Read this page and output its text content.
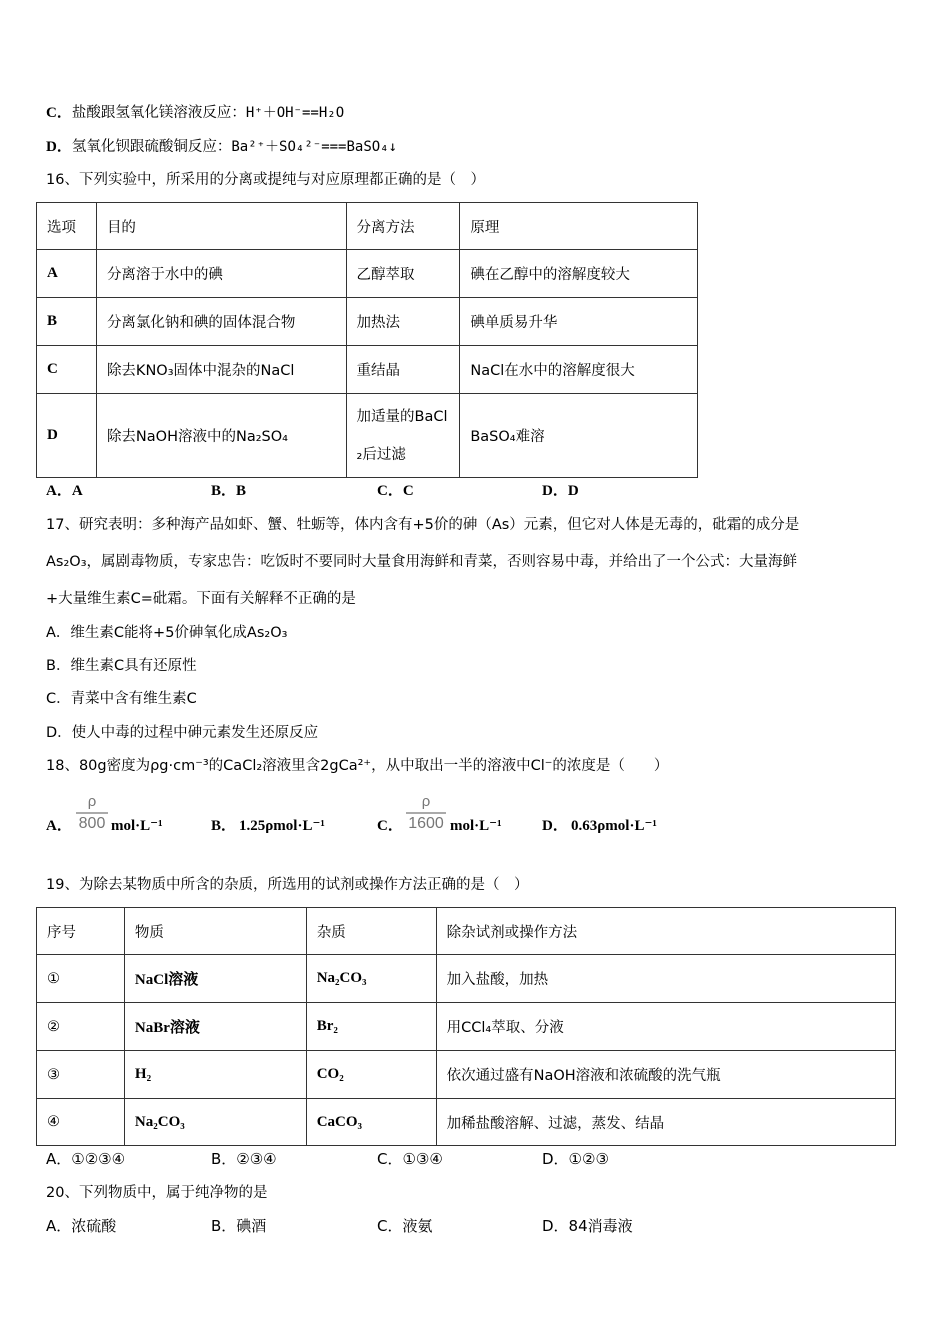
C．盐酸跟氢氧化镁溶液反应：H⁺＋OH⁻==H₂O
D．氢氧化钡跟硫酸铜反应：Ba²⁺＋SO₄²⁻===BaSO₄↓
16、下列实验中，所采用的分离或提纯与对应原理都正确的是（　）
选项	目的	分离方法	原理
A	分离溶于水中的碘	乙醇萃取	碘在乙醇中的溶解度较大
B	分离氯化钠和碘的固体混合物	加热法	碘单质易升华
C	除去KNO₃固体中混杂的NaCl	重结晶	NaCl在水中的溶解度很大
D	除去NaOH溶液中的Na₂SO₄	加适量的BaCl₂后过滤	BaSO₄难溶
A．A	B．B	C．C	D．D
17、研究表明：多种海产品如虾、蟹、牡蛎等，体内含有+5价的砷（As）元素，但它对人体是无毒的，砒霜的成分是
As₂O₃，属剧毒物质，专家忠告：吃饭时不要同时大量食用海鲜和青菜，否则容易中毒，并给出了一个公式：大量海鲜
+大量维生素C=砒霜。下面有关解释不正确的是
A．维生素C能将+5价砷氧化成As₂O₃
B．维生素C具有还原性
C．青菜中含有维生素C
D．使人中毒的过程中砷元素发生还原反应
18、80g密度为ρg·cm⁻³的CaCl₂溶液里含2gCa²⁺，从中取出一半的溶液中Cl⁻的浓度是（　　）
A．
ρ
800 mol·L⁻¹	B． 1.25ρmol·L⁻¹	C．
ρ
1600 mol·L⁻¹	D． 0.63ρmol·L⁻¹
19、为除去某物质中所含的杂质，所选用的试剂或操作方法正确的是（　）
序号	物质	杂质	除杂试剂或操作方法
①	NaCl溶液	Na₂CO₃	加入盐酸，加热
②	NaBr溶液	Br₂	用CCl₄萃取、分液
③	H₂	CO₂	依次通过盛有NaOH溶液和浓硫酸的洗气瓶
④	Na₂CO₃	CaCO₃	加稀盐酸溶解、过滤，蒸发、结晶
A．①②③④	B．②③④	C．①③④	D．①②③
20、下列物质中，属于纯净物的是
A．浓硫酸	B．碘酒	C．液氨	D．84消毒液
